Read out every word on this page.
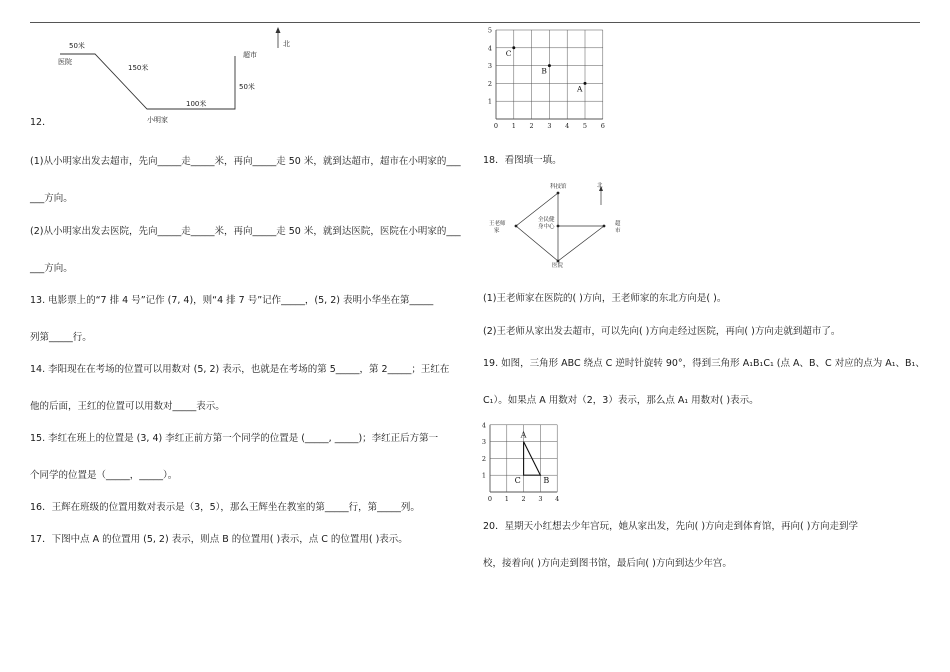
北
50米
150米
100米
50米
医院
超市
小明家
12．
(1)从小明家出发去超市，先向_____走_____米，再向_____走 50 米，就到达超市，超市在小明家的___
___方向。
(2)从小明家出发去医院，先向_____走_____米，再向_____走 50 米，就到达医院，医院在小明家的___
___方向。
13. 电影票上的“7 排 4 号”记作 (7, 4)，则“4 排 7 号”记作_____，(5, 2) 表明小华坐在第_____
列第_____行。
14. 李阳现在在考场的位置可以用数对 (5, 2) 表示，也就是在考场的第 5_____，第 2_____；王红在
他的后面，王红的位置可以用数对_____表示。
15. 李红在班上的位置是 (3, 4) 李红正前方第一个同学的位置是 (_____, _____)；李红正后方第一
个同学的位置是（_____，_____）。
16．王辉在班级的位置用数对表示是（3，5），那么王辉坐在教室的第_____行，第_____列。
17．下图中点 A 的位置用 (5, 2) 表示，则点 B 的位置用( )表示，点 C 的位置用( )表示。
0 1 2 3 4 5 6
1
2
3
4
5
A
B
C
18．看图填一填。
科技馆
王老师
家
全民健
身中心	超
市
医院
北
(1)王老师家在医院的( )方向，王老师家的东北方向是( )。
(2)王老师从家出发去超市，可以先向( )方向走经过医院，再向( )方向走就到超市了。
19. 如图，三角形 ABC 绕点 C 逆时针旋转 90°，得到三角形 A₁B₁C₁ (点 A、B、C 对应的点为 A₁、B₁、
C₁）。如果点 A 用数对（2，3）表示，那么点 A₁ 用数对( )表示。
0 1 2 3 4
1
2
3
4
A
B
C
20．星期天小红想去少年宫玩，她从家出发，先向( )方向走到体育馆，再向( )方向走到学
校，接着向( )方向走到图书馆，最后向( )方向到达少年宫。
